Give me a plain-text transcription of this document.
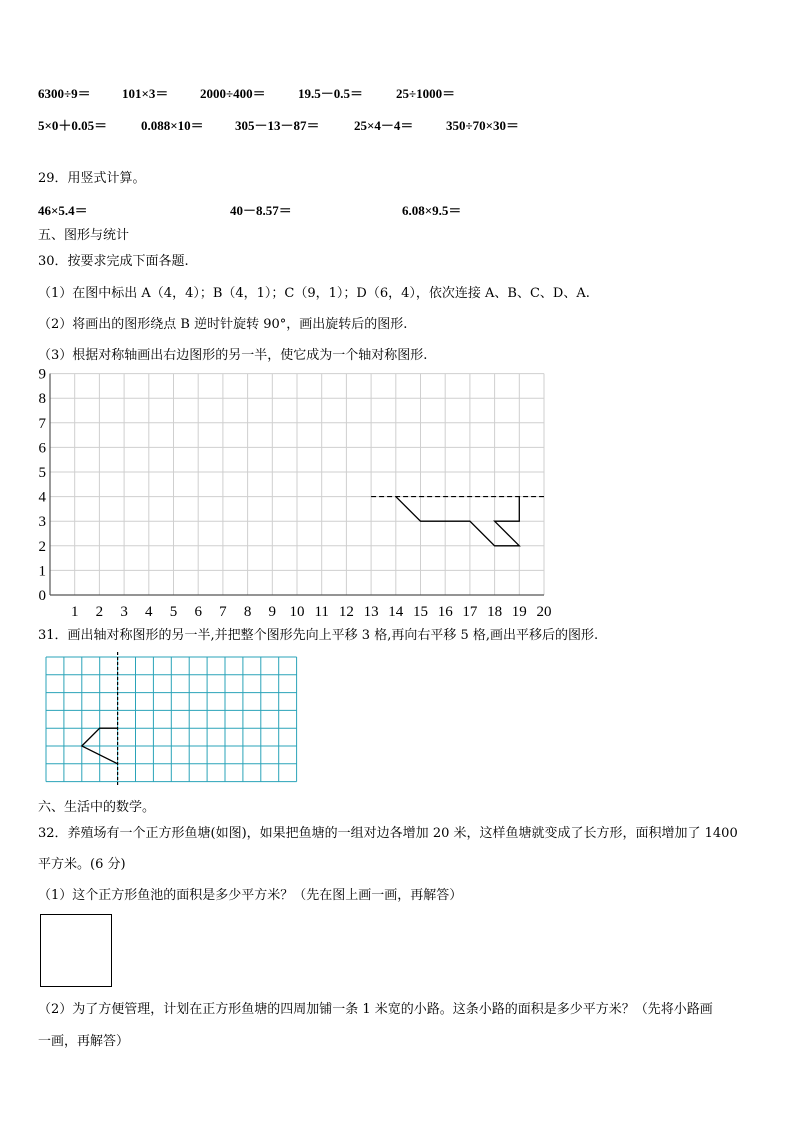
6300÷9＝ 101×3＝ 2000÷400＝ 19.5－0.5＝	25÷1000＝
5×0＋0.05＝	0.088×10＝ 305－13－87＝	25×4－4＝	350÷70×30＝
29．用竖式计算。
46×5.4＝	40－8.57＝	6.08×9.5＝
五、图形与统计
30．按要求完成下面各题.
（1）在图中标出 A（4，4）；B（4，1）；C（9，1）；D（6，4），依次连接 A、B、C、D、A.
（2）将画出的图形绕点 B 逆时针旋转 90°，画出旋转后的图形.
（3）根据对称轴画出右边图形的另一半，使它成为一个轴对称图形.
1 2 3 4 5 6 7 8 9 10 11 12 13 14 15 16 17 18 19 20
0
1
2
3
4
5
6
7
8
9
31．画出轴对称图形的另一半,并把整个图形先向上平移 3 格,再向右平移 5 格,画出平移后的图形.
六、生活中的数学。
32．养殖场有一个正方形鱼塘(如图)，如果把鱼塘的一组对边各增加 20 米，这样鱼塘就变成了长方形，面积增加了 1400
平方米。(6 分)
（1）这个正方形鱼池的面积是多少平方米？（先在图上画一画，再解答）
（2）为了方便管理，计划在正方形鱼塘的四周加铺一条 1 米宽的小路。这条小路的面积是多少平方米？（先将小路画
一画，再解答）
